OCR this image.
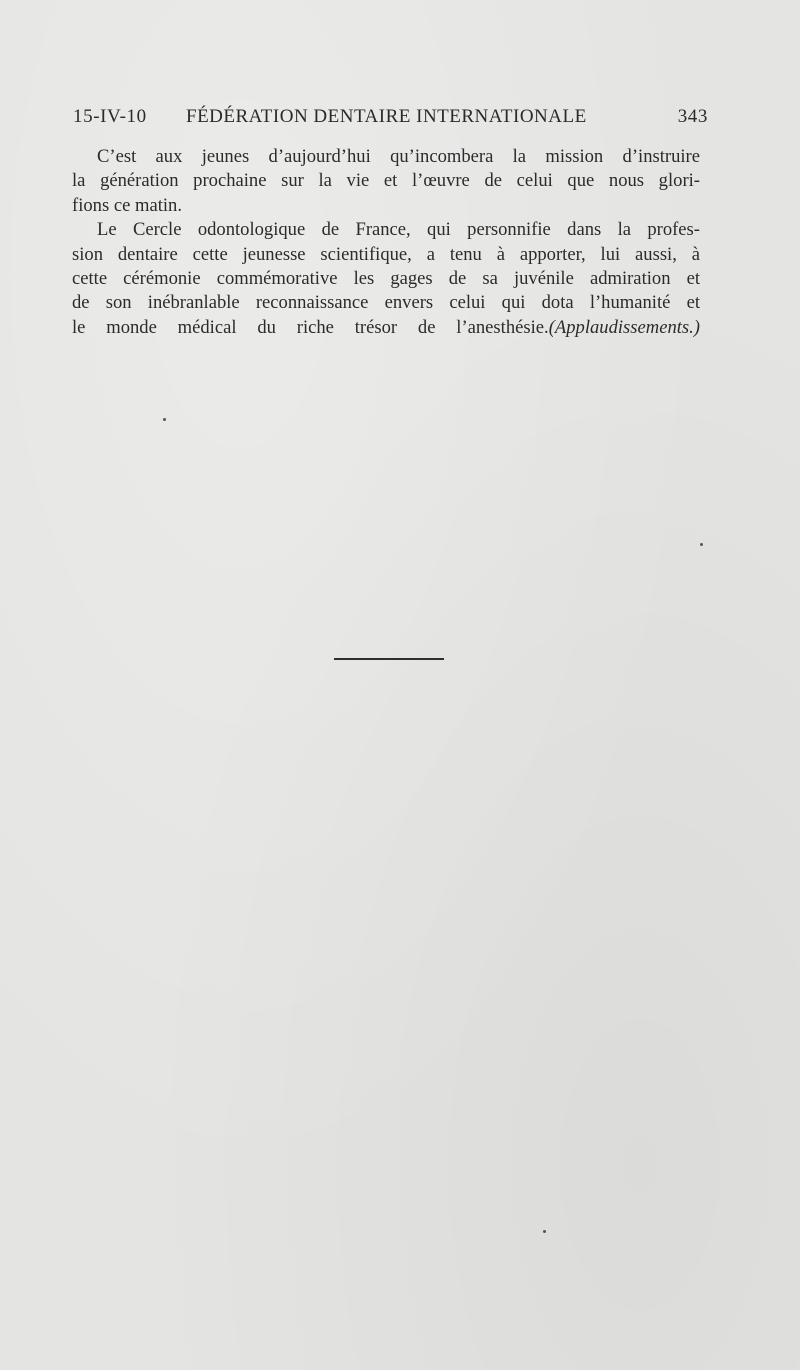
15-IV-10 FÉDÉRATION DENTAIRE INTERNATIONALE	343
C’est aux jeunes d’aujourd’hui qu’incombera la mission d’instruire
la génération prochaine sur la vie et l’œuvre de celui que nous glori-
fions ce matin.
Le Cercle odontologique de France, qui personnifie dans la profes-
sion dentaire cette jeunesse scientifique, a tenu à apporter, lui aussi, à
cette cérémonie commémorative les gages de sa juvénile admiration et
de son inébranlable reconnaissance envers celui qui dota l’humanité et
le monde médical du riche trésor de l’anesthésie.(Applaudissements.)
